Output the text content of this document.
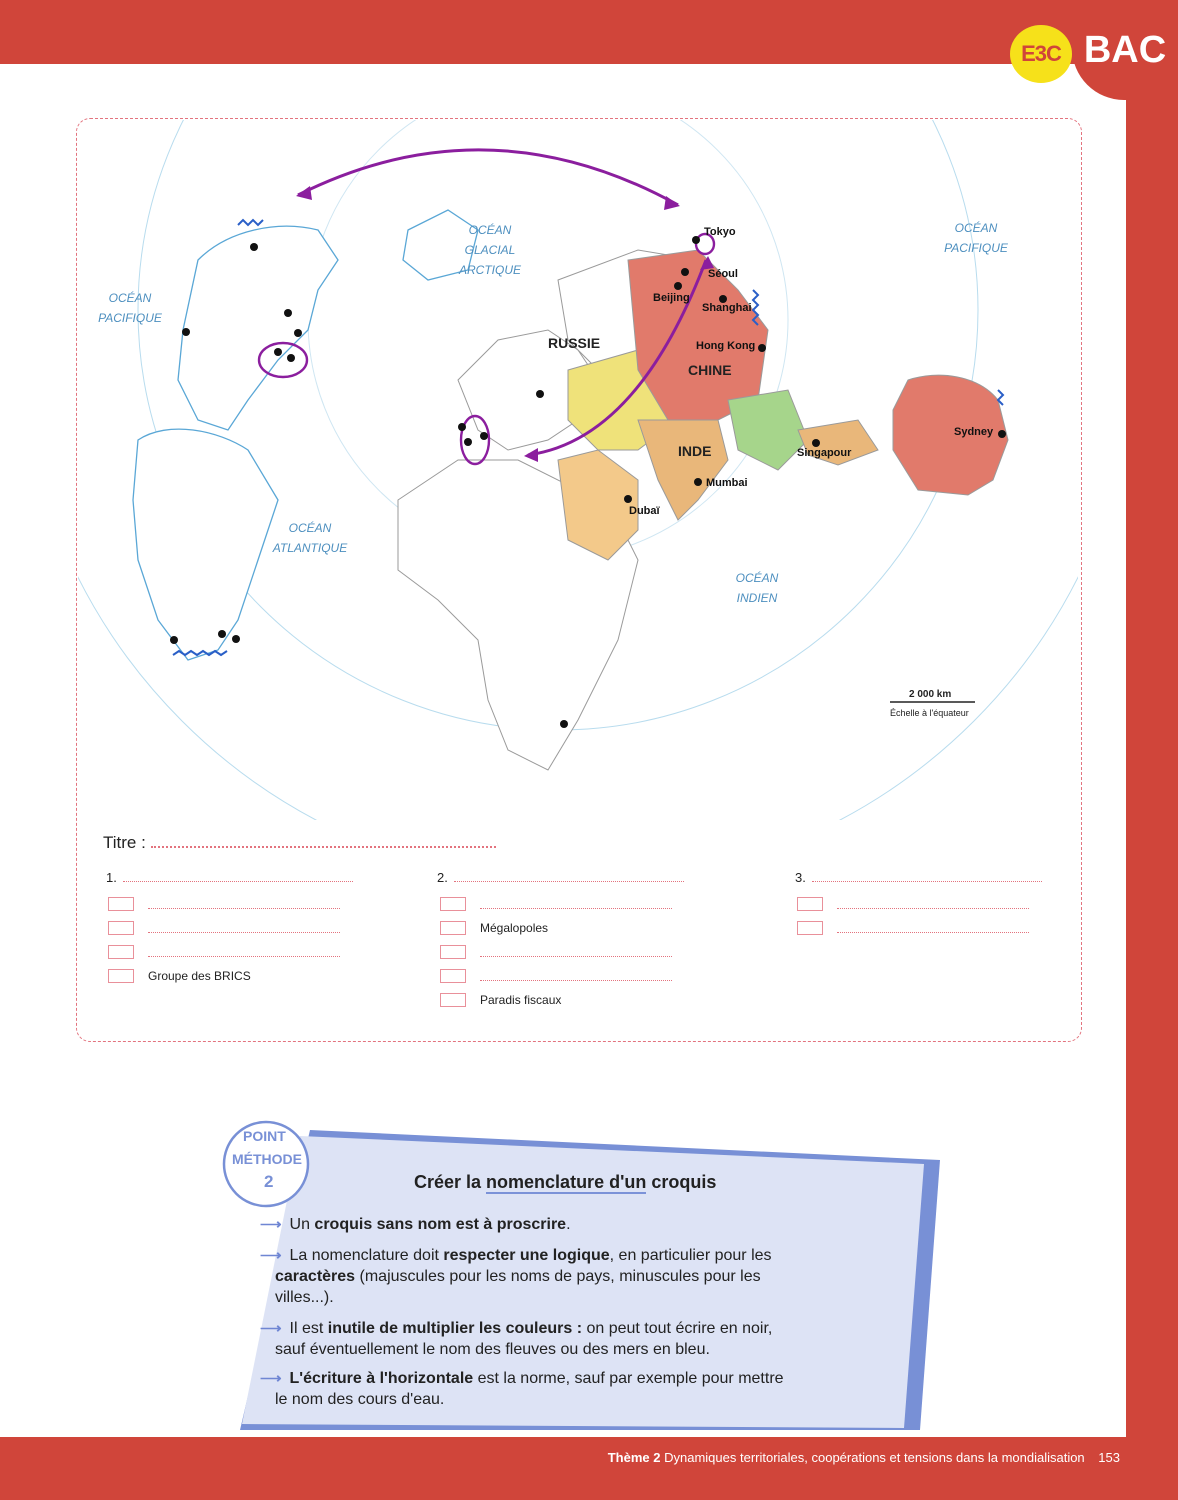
BAC
E3C
OCÉAN
PACIFIQUE
OCÉAN
GLACIAL
ARCTIQUE
OCÉAN
PACIFIQUE
OCÉAN
ATLANTIQUE
OCÉAN
INDIEN
RUSSIE
CHINE
INDE
Tokyo
Séoul
Beijing
Shanghai
Hong Kong
Singapour
Sydney
Mumbai
Dubaï
2 000 km
Échelle à l'équateur
Titre :
1.
Groupe des BRICS
2.
Mégalopoles
Paradis fiscaux
3.
POINT
MÉTHODE
2	Créer la nomenclature d'un croquis
⟶ Un croquis sans nom est à proscrire.
⟶ La nomenclature doit respecter une logique, en particulier pour les
caractères (majuscules pour les noms de pays, minuscules pour les
villes...).
⟶ Il est inutile de multiplier les couleurs : on peut tout écrire en noir,
sauf éventuellement le nom des fleuves ou des mers en bleu.
⟶ L'écriture à l'horizontale est la norme, sauf par exemple pour mettre
le nom des cours d'eau.
Thème 2 Dynamiques territoriales, coopérations et tensions dans la mondialisation 153
